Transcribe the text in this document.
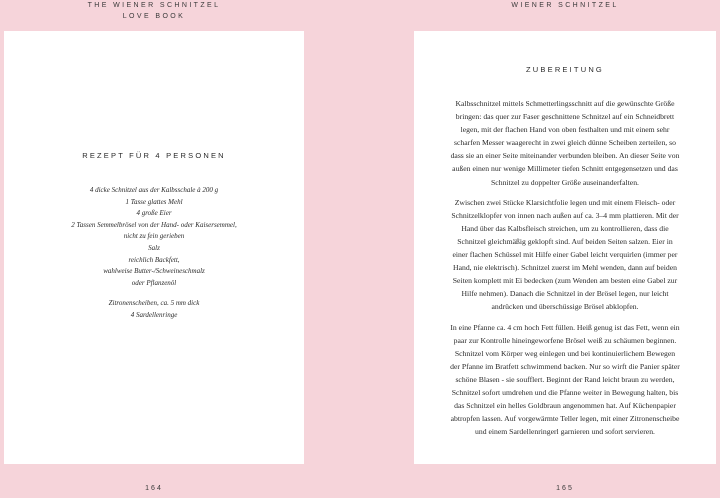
THE WIENER SCHNITZEL
LOVE BOOK
WIENER SCHNITZEL
REZEPT FÜR 4 PERSONEN
4 dicke Schnitzel aus der Kalbsschale à 200 g
1 Tasse glattes Mehl
4 große Eier
2 Tassen Semmelbrösel von der Hand- oder Kaisersemmel,
nicht zu fein gerieben
Salz
reichlich Backfett,
wahlweise Butter-/Schweineschmalz
oder Pflanzenöl
Zitronenscheiben, ca. 5 mm dick
4 Sardellenringe
ZUBEREITUNG

Kalbsschnitzel mittels Schmetterlingsschnitt auf die gewünschte Größe bringen: das quer zur Faser geschnittene Schnitzel auf ein Schneidbrett legen, mit der flachen Hand von oben festhalten und mit einem sehr scharfen Messer waagerecht in zwei gleich dünne Scheiben zerteilen, so dass sie an einer Seite miteinander verbunden bleiben. An dieser Seite von außen einen nur wenige Millimeter tiefen Schnitt entgegensetzen und das Schnitzel zu doppelter Größe auseinanderfalten.

Zwischen zwei Stücke Klarsichtfolie legen und mit einem Fleisch- oder Schnitzelklopfer von innen nach außen auf ca. 3–4 mm plattieren. Mit der Hand über das Kalbsfleisch streichen, um zu kontrollieren, dass die Schnitzel gleichmäßig geklopft sind. Auf beiden Seiten salzen. Eier in einer flachen Schüssel mit Hilfe einer Gabel leicht verquirlen (immer per Hand, nie elektrisch). Schnitzel zuerst im Mehl wenden, dann auf beiden Seiten komplett mit Ei bedecken (zum Wenden am besten eine Gabel zur Hilfe nehmen). Danach die Schnitzel in der Brösel legen, nur leicht andrücken und überschüssige Brösel abklopfen.

In eine Pfanne ca. 4 cm hoch Fett füllen. Heiß genug ist das Fett, wenn ein paar zur Kontrolle hineingeworfene Brösel weiß zu schäumen beginnen. Schnitzel vom Körper weg einlegen und bei kontinuierlichem Bewegen der Pfanne im Bratfett schwimmend backen. Nur so wirft die Panier später schöne Blasen - sie soufflert. Beginnt der Rand leicht braun zu werden, Schnitzel sofort umdrehen und die Pfanne weiter in Bewegung halten, bis das Schnitzel ein helles Goldbraun angenommen hat. Auf Küchenpapier abtropfen lassen. Auf vorgewärmte Teller legen, mit einer Zitronenscheibe und einem Sardellenringerl garnieren und sofort servieren.

164	165
